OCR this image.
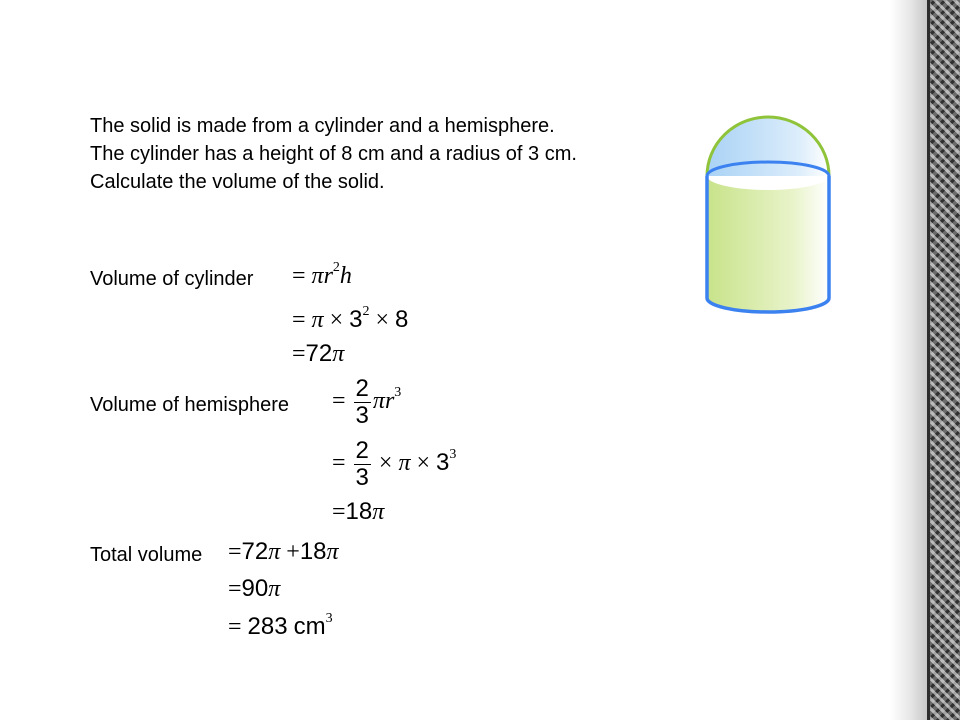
The solid is made from a cylinder and a hemisphere.
The cylinder has a height of 8 cm and a radius of 3 cm.
Calculate the volume of the solid.
Volume of cylinder = $\pi r^2h$
= $\pi \times 3^2 \times 8$
=72π
Volume of hemisphere = $\frac{2}{3} \pi r^3$
= $\frac{2}{3} \times \pi \times 3^3$
=18π
Total volume =72π +18π
=90π
= 283 $cm^3$
